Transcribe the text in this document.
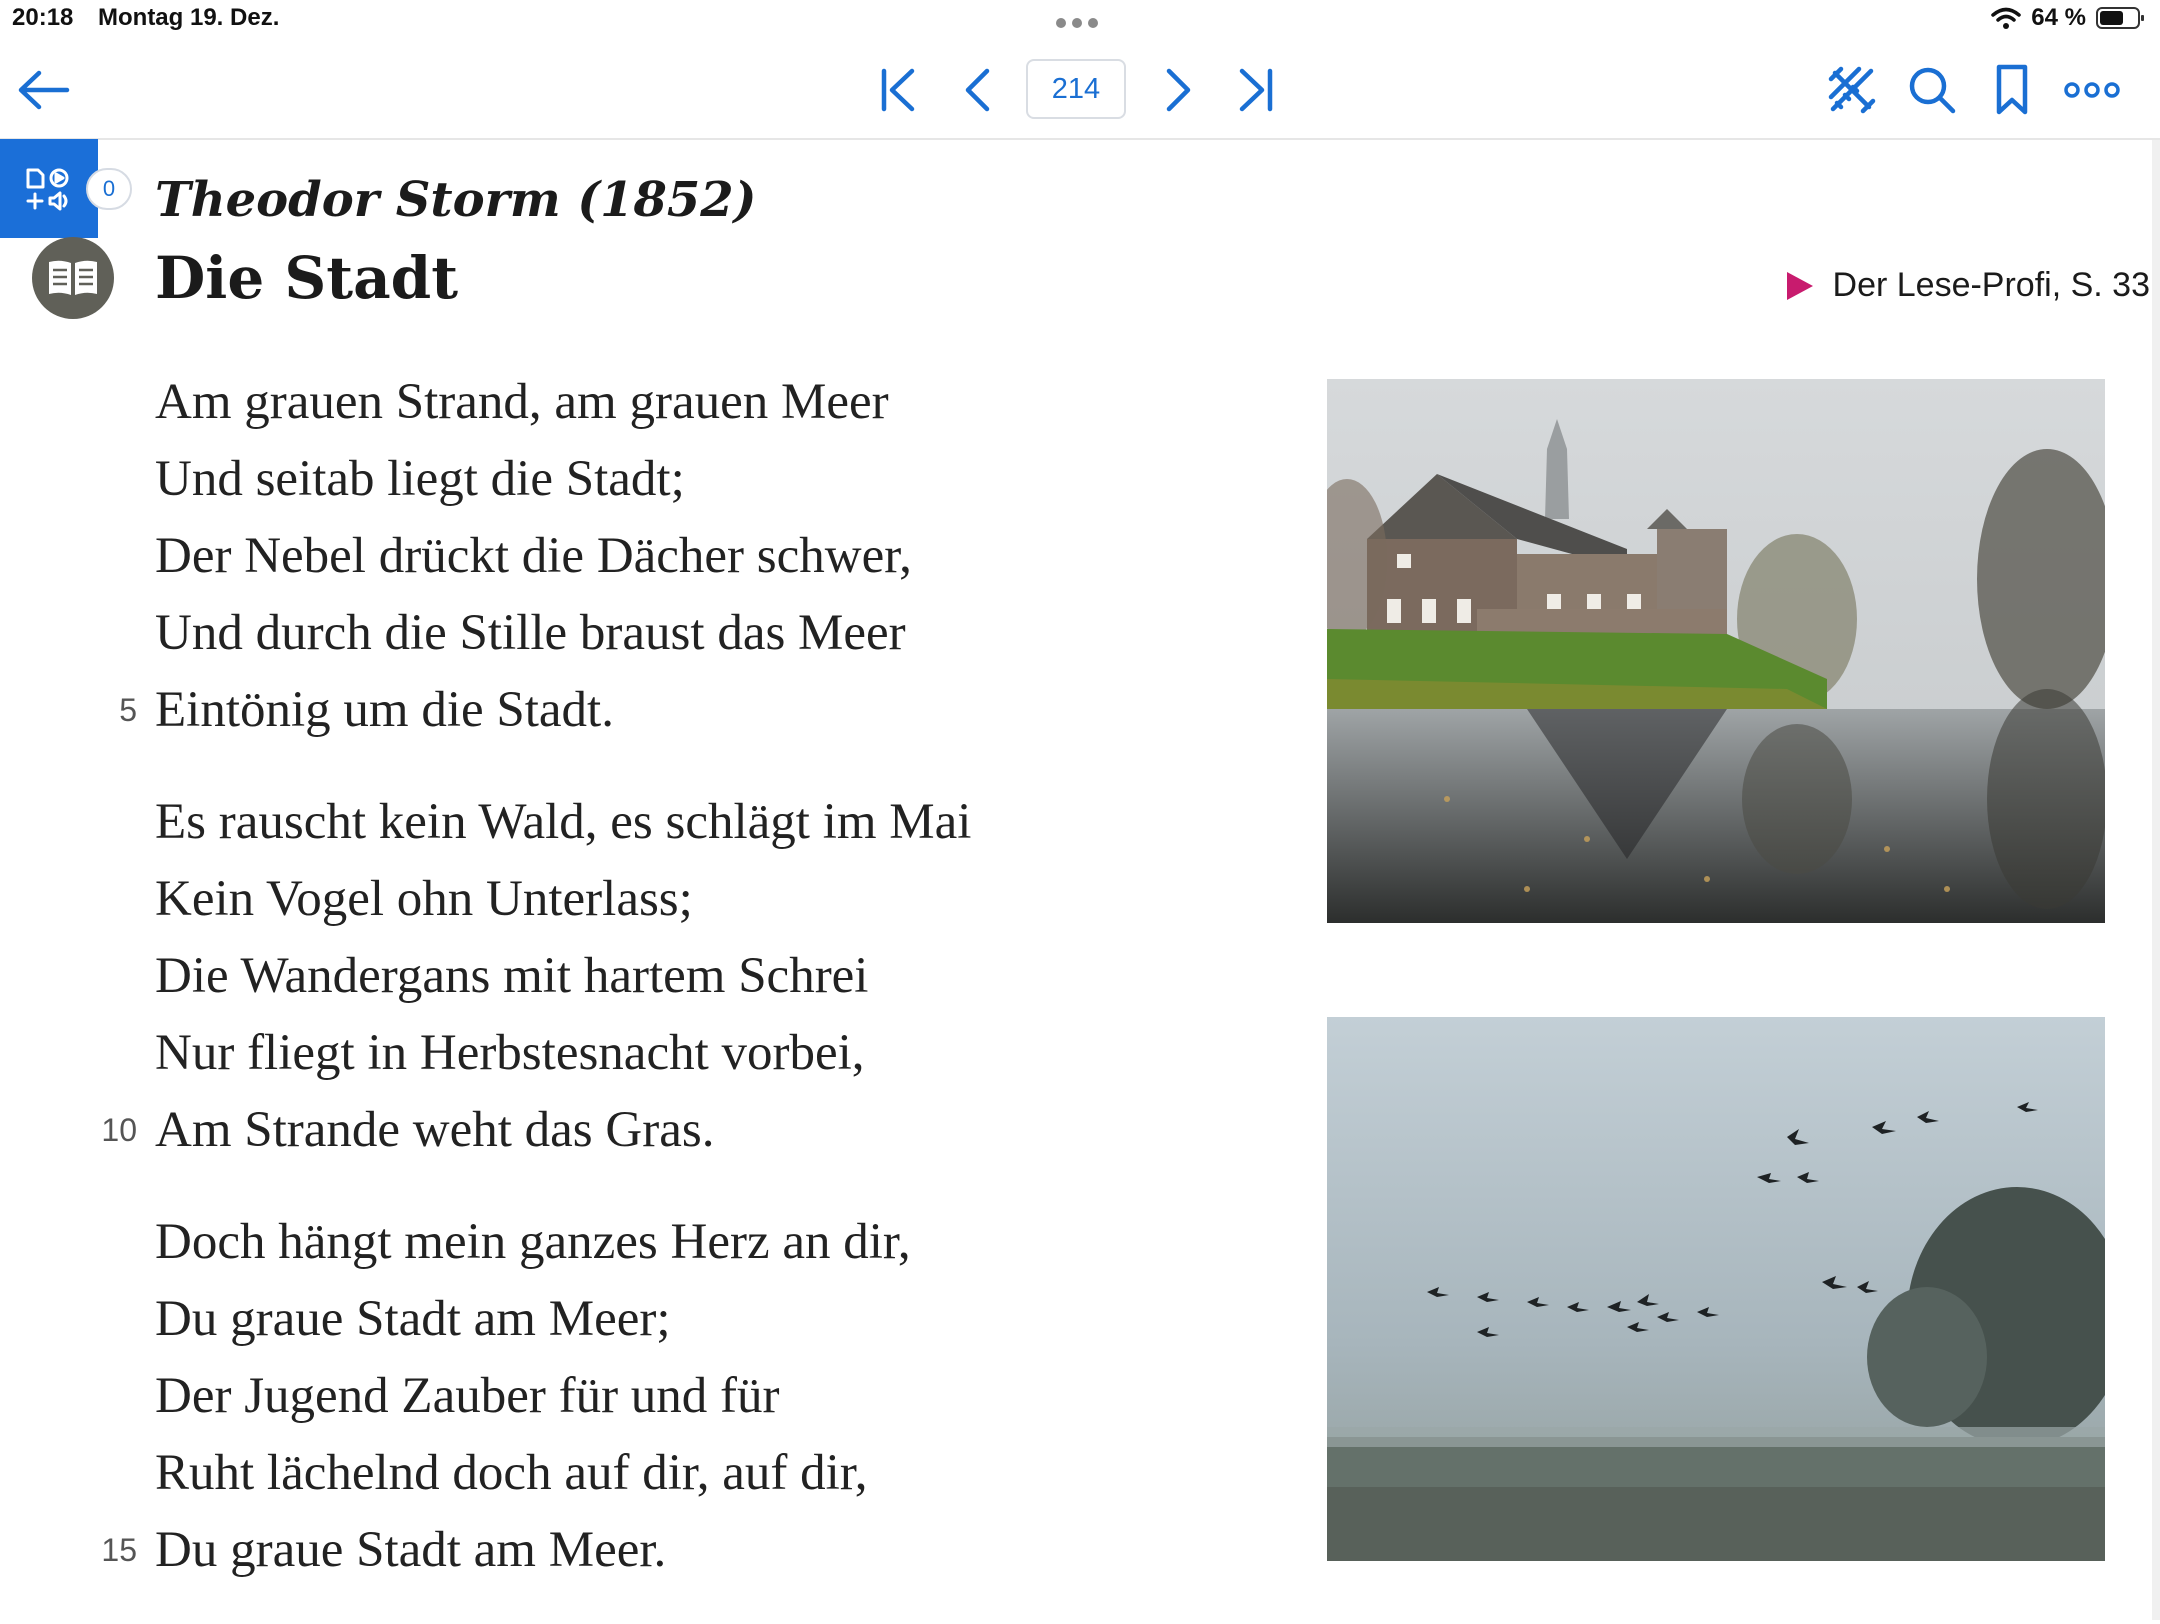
20:18 Montag 19. Dez.	64 %
214
0 Theodor Storm (1852)
Die Stadt	Der Lese-Profi, S. 33
Am grauen Strand, am grauen Meer
Und seitab liegt die Stadt;
Der Nebel drückt die Dächer schwer,
Und durch die Stille braust das Meer
5 Eintönig um die Stadt.
Es rauscht kein Wald, es schlägt im Mai
Kein Vogel ohn Unterlass;
Die Wandergans mit hartem Schrei
Nur fliegt in Herbstesnacht vorbei,
10 Am Strande weht das Gras.
Doch hängt mein ganzes Herz an dir,
Du graue Stadt am Meer;
Der Jugend Zauber für und für
Ruht lächelnd doch auf dir, auf dir,
15 Du graue Stadt am Meer.
